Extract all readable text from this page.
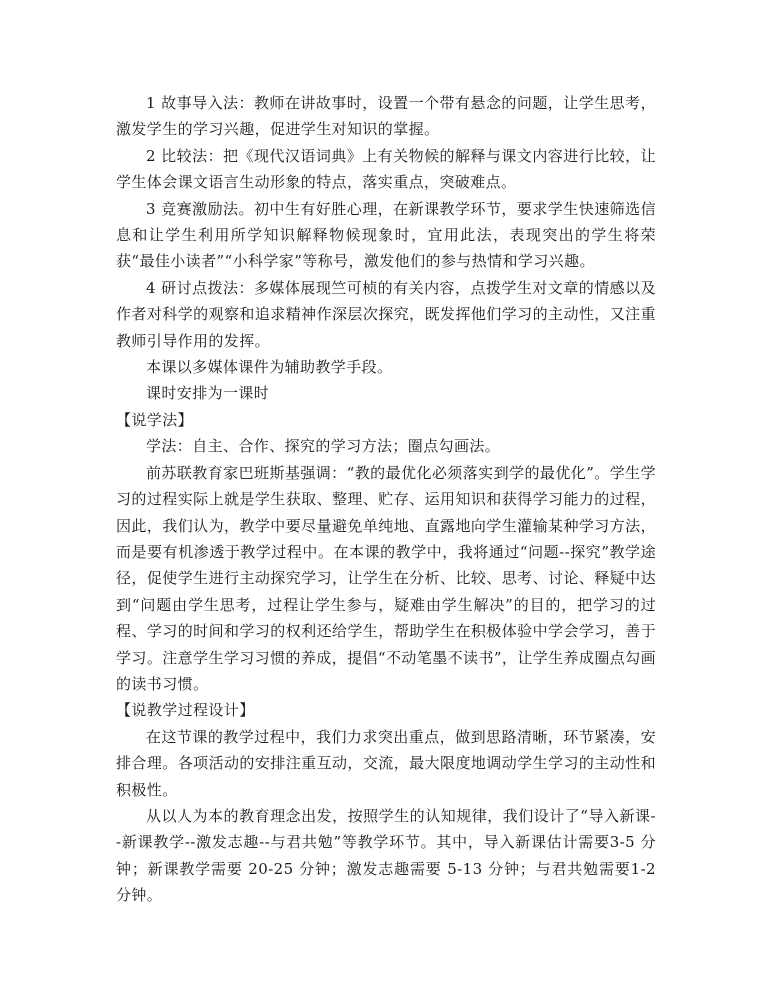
1 故事导入法：教师在讲故事时，设置一个带有悬念的问题，让学生思考，激发学生的学习兴趣，促进学生对知识的掌握。

2 比较法：把《现代汉语词典》上有关物候的解释与课文内容进行比较，让学生体会课文语言生动形象的特点，落实重点，突破难点。

3 竞赛激励法。初中生有好胜心理，在新课教学环节，要求学生快速筛选信息和让学生利用所学知识解释物候现象时，宜用此法，表现突出的学生将荣获“最佳小读者”“小科学家”等称号，激发他们的参与热情和学习兴趣。

4 研讨点拨法：多媒体展现竺可桢的有关内容，点拨学生对文章的情感以及作者对科学的观察和追求精神作深层次探究，既发挥他们学习的主动性，又注重教师引导作用的发挥。

本课以多媒体课件为辅助教学手段。

课时安排为一课时

【说学法】

学法：自主、合作、探究的学习方法；圈点勾画法。

前苏联教育家巴班斯基强调：“教的最优化必须落实到学的最优化”。学生学习的过程实际上就是学生获取、整理、贮存、运用知识和获得学习能力的过程，因此，我们认为，教学中要尽量避免单纯地、直露地向学生灌输某种学习方法，而是要有机渗透于教学过程中。在本课的教学中，我将通过“问题--探究”教学途径，促使学生进行主动探究学习，让学生在分析、比较、思考、讨论、释疑中达到“问题由学生思考，过程让学生参与，疑难由学生解决”的目的，把学习的过程、学习的时间和学习的权利还给学生，帮助学生在积极体验中学会学习，善于学习。注意学生学习习惯的养成，提倡“不动笔墨不读书”，让学生养成圈点勾画的读书习惯。

【说教学过程设计】

在这节课的教学过程中，我们力求突出重点，做到思路清晰，环节紧凑，安排合理。各项活动的安排注重互动，交流，最大限度地调动学生学习的主动性和积极性。

从以人为本的教育理念出发，按照学生的认知规律，我们设计了“导入新课--新课教学--激发志趣--与君共勉”等教学环节。其中，导入新课估计需要3-5 分钟；新课教学需要 20-25 分钟；激发志趣需要 5-13 分钟；与君共勉需要1-2 分钟。
